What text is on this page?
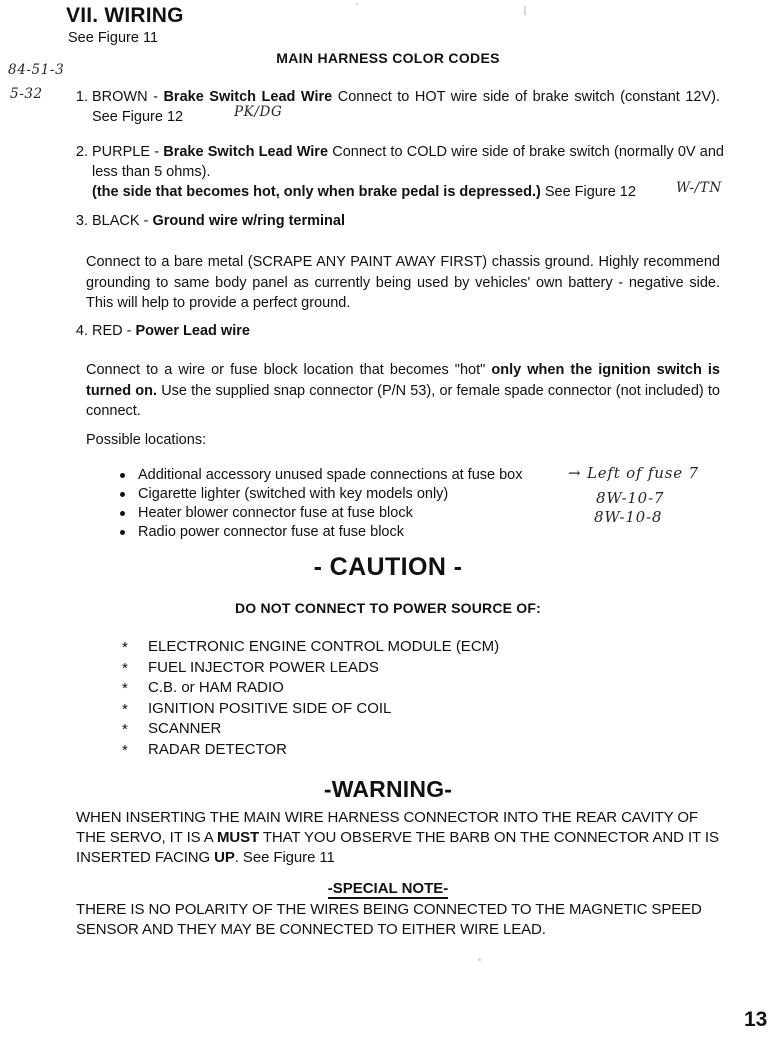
VII. WIRING
See Figure 11
MAIN HARNESS COLOR CODES
84-51-3
5-32	1. BROWN - Brake Switch Lead Wire Connect to HOT wire side of brake switch (constant 12V). See Figure 12	PK/DG
2. PURPLE - Brake Switch Lead Wire Connect to COLD wire side of brake switch (normally 0V and less than 5 ohms).
(the side that becomes hot, only when brake pedal is depressed.) See Figure 12	W-/TN
3. BLACK - Ground wire w/ring terminal
Connect to a bare metal (SCRAPE ANY PAINT AWAY FIRST) chassis ground. Highly recommend grounding to same body panel as currently being used by vehicles' own battery - negative side. This will help to provide a perfect ground.
4. RED - Power Lead wire
Connect to a wire or fuse block location that becomes "hot" only when the ignition switch is turned on. Use the supplied snap connector (P/N 53), or female spade connector (not included) to connect.
Possible locations:
Additional accessory unused spade connections at fuse box
Cigarette lighter (switched with key models only)
Heater blower connector fuse at fuse block
Radio power connector fuse at fuse block
→ Left of fuse 7
8W-10-7
8W-10-8
- CAUTION -
DO NOT CONNECT TO POWER SOURCE OF:
* ELECTRONIC ENGINE CONTROL MODULE (ECM)
* FUEL INJECTOR POWER LEADS
* C.B. or HAM RADIO
* IGNITION POSITIVE SIDE OF COIL
* SCANNER
* RADAR DETECTOR
-WARNING-
WHEN INSERTING THE MAIN WIRE HARNESS CONNECTOR INTO THE REAR CAVITY OF THE SERVO, IT IS A MUST THAT YOU OBSERVE THE BARB ON THE CONNECTOR AND IT IS INSERTED FACING UP. See Figure 11
-SPECIAL NOTE-
THERE IS NO POLARITY OF THE WIRES BEING CONNECTED TO THE MAGNETIC SPEED SENSOR AND THEY MAY BE CONNECTED TO EITHER WIRE LEAD.
13
